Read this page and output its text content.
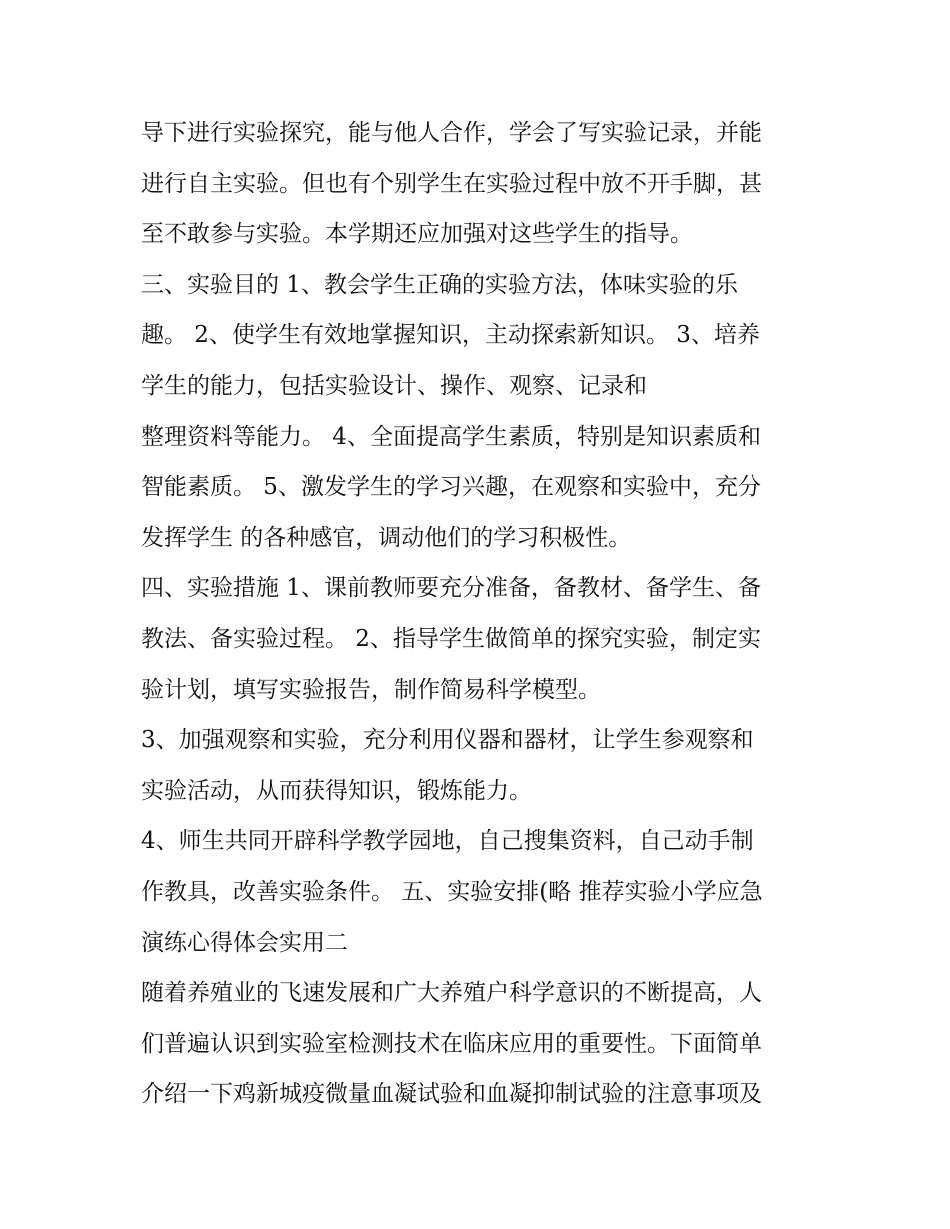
导下进行实验探究，能与他人合作，学会了写实验记录，并能
进行自主实验。但也有个别学生在实验过程中放不开手脚，甚
至不敢参与实验。本学期还应加强对这些学生的指导。
三、实验目的 1、教会学生正确的实验方法，体味实验的乐
趣。 2、使学生有效地掌握知识，主动探索新知识。 3、培养
学生的能力，包括实验设计、操作、观察、记录和
整理资料等能力。 4、全面提高学生素质，特别是知识素质和
智能素质。 5、激发学生的学习兴趣，在观察和实验中，充分
发挥学生 的各种感官，调动他们的学习积极性。
四、实验措施 1、课前教师要充分准备，备教材、备学生、备
教法、备实验过程。 2、指导学生做简单的探究实验，制定实
验计划，填写实验报告，制作简易科学模型。
3、加强观察和实验，充分利用仪器和器材，让学生参观察和
实验活动，从而获得知识，锻炼能力。
4、师生共同开辟科学教学园地，自己搜集资料，自己动手制
作教具，改善实验条件。 五、实验安排(略 推荐实验小学应急
演练心得体会实用二
随着养殖业的飞速发展和广大养殖户科学意识的不断提高，人
们普遍认识到实验室检测技术在临床应用的重要性。下面简单
介绍一下鸡新城疫微量血凝试验和血凝抑制试验的注意事项及
